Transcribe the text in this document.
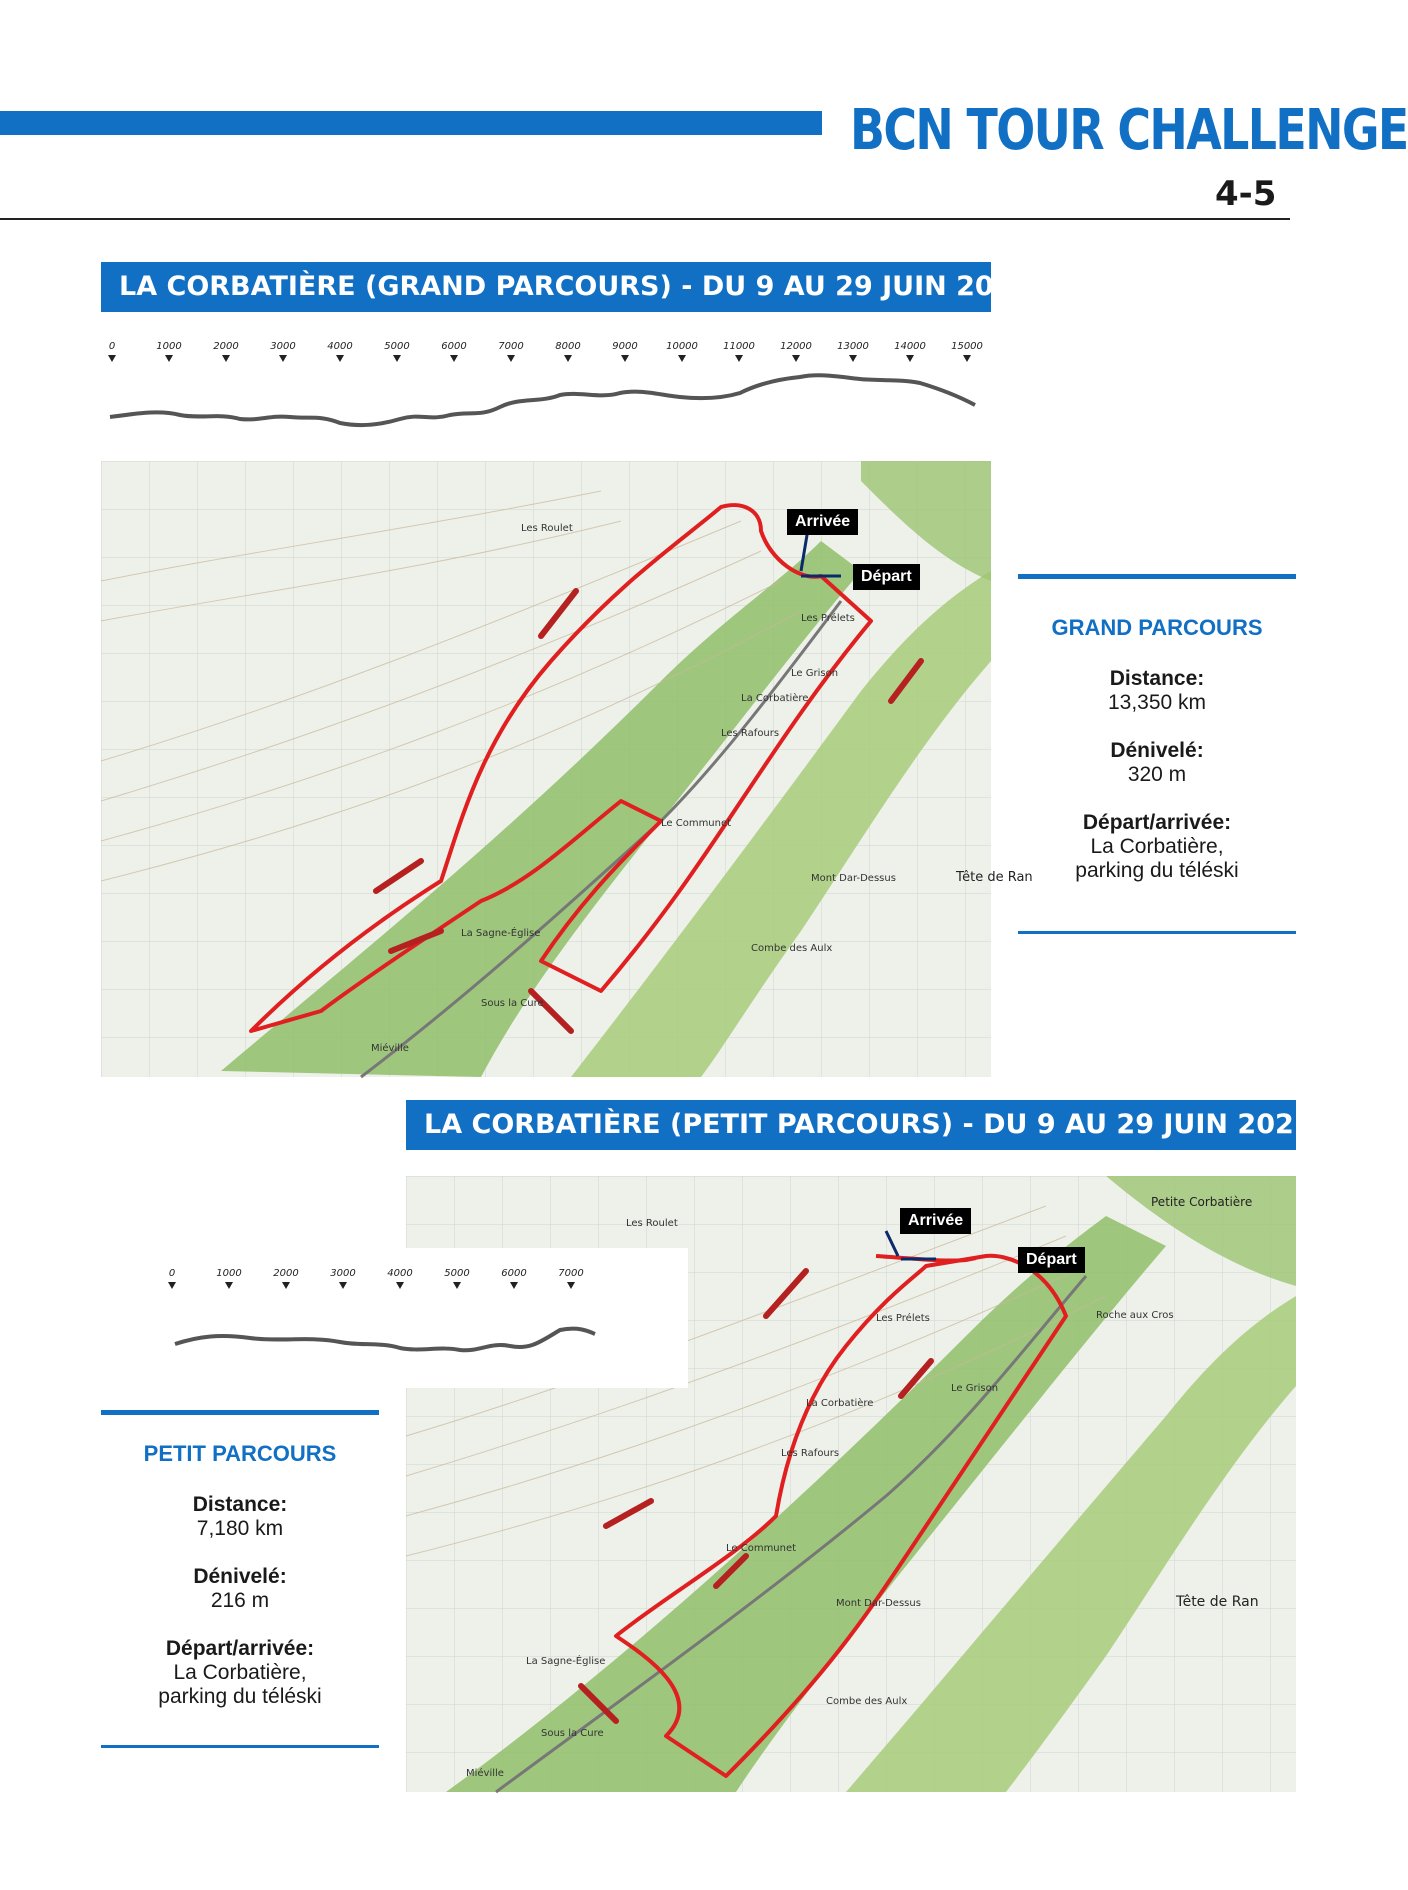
BCN TOUR CHALLENGE
4-5
LA CORBATIÈRE (GRAND PARCOURS) - DU 9 AU 29 JUIN 2021
0	1000	2000	3000	4000	5000	6000	7000	8000	9000	10000	11000	12000	13000	14000	15000
La Corbatière
La Sagne-Église
Les Prélets
Le Communet
Les Rafours
Mont Dar-Dessus
Combe des Aulx
Sous la Cure
Miéville
Les Roulet
Le Grison
Tête de Ran
Arrivée
Départ
GRAND PARCOURS
Distance:
13,350 km
Dénivelé:
320 m
Départ/arrivée:
La Corbatière,
parking du téléski
LA CORBATIÈRE (PETIT PARCOURS) - DU 9 AU 29 JUIN 2021
La Corbatière
La Sagne-Église
Les Prélets
Le Communet
Les Rafours
Mont Dar-Dessus
Combe des Aulx
Sous la Cure
Miéville
Les Roulet
Le Grison
Roche aux Cros
Petite Corbatière
Tête de Ran
Arrivée
Départ
0	1000	2000	3000	4000	5000	6000	7000
PETIT PARCOURS
Distance:
7,180 km
Dénivelé:
216 m
Départ/arrivée:
La Corbatière,
parking du téléski
